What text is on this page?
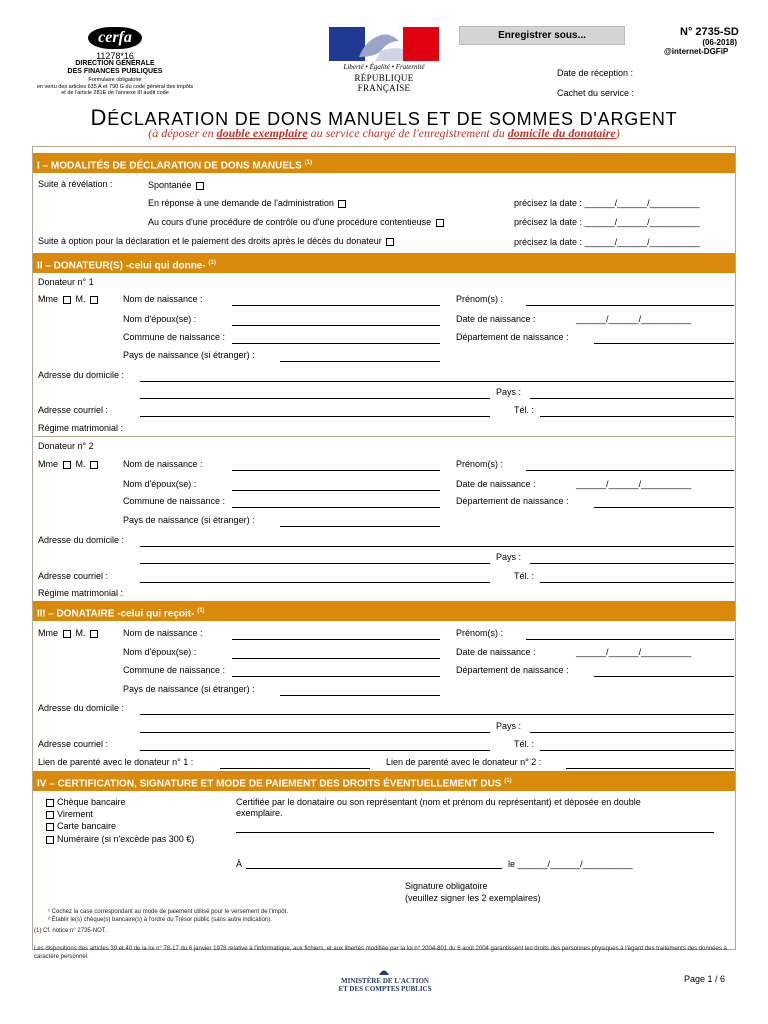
cerfa
11278*16
DIRECTION GÉNÉRALE
DES FINANCES PUBLIQUES
Formulaire obligatoire
en vertu des articles 635 A et 790 G du code général des impôts
et de l'article 281E de l'annexe III audit code
Liberté • Égalité • Fraternité
RÉPUBLIQUE FRANÇAISE
Enregistrer sous...	N° 2735-SD
(06-2018)
@internet-DGFiP
Date de réception :
Cachet du service :
DÉCLARATION DE DONS MANUELS ET DE SOMMES D'ARGENT
(à déposer en double exemplaire au service chargé de l'enregistrement du domicile du donataire)
I – MODALITÉS DE DÉCLARATION DE DONS MANUELS $^{(1)}$
Suite à révélation :	Spontanée
En réponse à une demande de l'administration	précisez la date : ______/______/__________
Au cours d'une procédure de contrôle ou d'une procédure contentieuse	précisez la date : ______/______/__________
Suite à option pour la déclaration et le paiement des droits après le décès du donateur	précisez la date : ______/______/__________
II – DONATEUR(S) -celui qui donne- $^{(1)}$
Donateur n° 1
Mme M.	Nom de naissance :	Prénom(s) :
Nom d'époux(se) :	Date de naissance :	______/______/__________
Commune de naissance :	Département de naissance :
Pays de naissance (si étranger) :
Adresse du domicile :
Pays :
Adresse courriel :	Tél. :
Régime matrimonial :
Donateur n° 2
Mme M.	Nom de naissance :	Prénom(s) :
Nom d'époux(se) :	Date de naissance :	______/______/__________
Commune de naissance :	Département de naissance :
Pays de naissance (si étranger) :
Adresse du domicile :
Pays :
Adresse courriel :	Tél. :
Régime matrimonial :
III – DONATAIRE -celui qui reçoit- $^{(1)}$
Mme M.	Nom de naissance :	Prénom(s) :
Nom d'époux(se) :	Date de naissance :	______/______/__________
Commune de naissance :	Département de naissance :
Pays de naissance (si étranger) :
Adresse du domicile :
Pays :
Adresse courriel :	Tél. :
Lien de parenté avec le donateur n° 1 :	Lien de parenté avec le donateur n° 2 :
IV – CERTIFICATION, SIGNATURE ET MODE DE PAIEMENT DES DROITS ÉVENTUELLEMENT DUS $^{(1)}$
Chèque bancaire
Virement
Carte bancaire
Numéraire (si n'excède pas 300 €)
Certifiée par le donataire ou son représentant (nom et prénom du représentant) et déposée en double
exemplaire.
À	le ______/______/__________
Signature obligatoire
(veuillez signer les 2 exemplaires)
¹ Cochez la case correspondant au mode de paiement utilisé pour le versement de l'impôt.
² Établir le(s) chèque(s) bancaire(s) à l'ordre du Trésor public (sans autre indication).
(1) Cf. notice n° 2735-NOT.
Les dispositions des articles 39 et 40 de la loi n° 78-17 du 6 janvier 1978 relative à l'informatique, aux fichiers, et aux libertés modifiée par la loi n° 2004-801 du 6 août 2004 garantissent les droits des personnes physiques à l'égard des traitements des données à caractère personnel.
MINISTÈRE DE L'ACTION
ET DES COMPTES PUBLICS
Page 1 / 6
